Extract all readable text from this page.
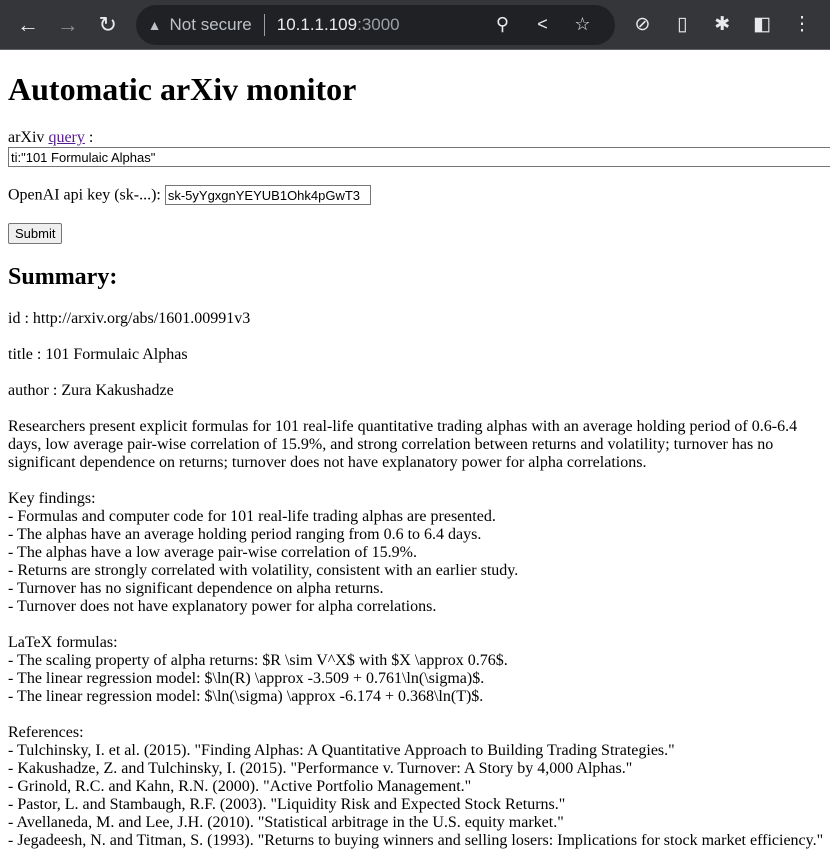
← → ↻	▲ Not secure 10.1.1.109 :3000	⚲	<	☆	⊘	▯	✱	◧	⋮
Automatic arXiv monitor
arXiv query :
ti:"101 Formulaic Alphas"
OpenAI api key (sk-...): sk-5yYgxgnYEYUB1Ohk4pGwT3
Submit
Summary:

id : http://arxiv.org/abs/1601.00991v3

title : 101 Formulaic Alphas

author : Zura Kakushadze

Researchers present explicit formulas for 101 real-life quantitative trading alphas with an average holding period of 0.6-6.4 days, low average pair-wise correlation of 15.9%, and strong correlation between returns and volatility; turnover has no significant dependence on returns; turnover does not have explanatory power for alpha correlations.

Key findings:
- Formulas and computer code for 101 real-life trading alphas are presented.
- The alphas have an average holding period ranging from 0.6 to 6.4 days.
- The alphas have a low average pair-wise correlation of 15.9%.
- Returns are strongly correlated with volatility, consistent with an earlier study.
- Turnover has no significant dependence on alpha returns.
- Turnover does not have explanatory power for alpha correlations.

LaTeX formulas:
- The scaling property of alpha returns: $R \sim V^X$ with $X \approx 0.76$.
- The linear regression model: $\ln(R) \approx -3.509 + 0.761\ln(\sigma)$.
- The linear regression model: $\ln(\sigma) \approx -6.174 + 0.368\ln(T)$.

References:
- Tulchinsky, I. et al. (2015). "Finding Alphas: A Quantitative Approach to Building Trading Strategies."
- Kakushadze, Z. and Tulchinsky, I. (2015). "Performance v. Turnover: A Story by 4,000 Alphas."
- Grinold, R.C. and Kahn, R.N. (2000). "Active Portfolio Management."
- Pastor, L. and Stambaugh, R.F. (2003). "Liquidity Risk and Expected Stock Returns."
- Avellaneda, M. and Lee, J.H. (2010). "Statistical arbitrage in the U.S. equity market."
- Jegadeesh, N. and Titman, S. (1993). "Returns to buying winners and selling losers: Implications for stock market efficiency."
